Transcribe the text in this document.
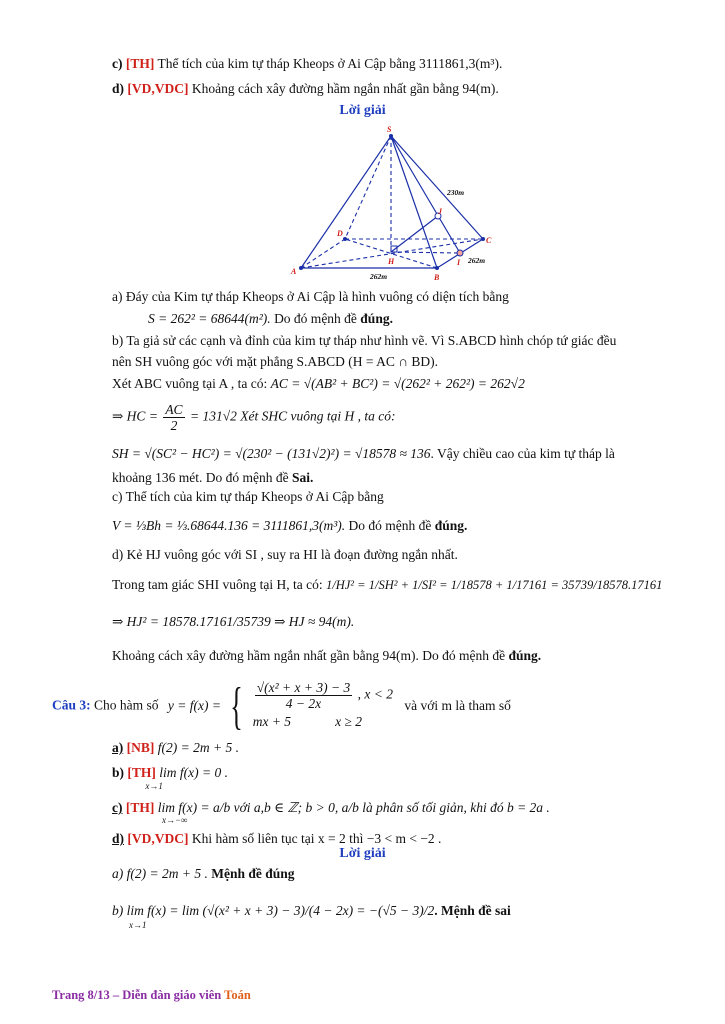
c) [TH] Thể tích của kim tự tháp Kheops ở Ai Cập bằng 3111861,3(m³).
d) [VD,VDC] Khoảng cách xây đường hầm ngắn nhất gần bằng 94(m).
Lời giải
S
A
B
C
D
H	I
J
230m
262m
262m
a) Đáy của Kim tự tháp Kheops ở Ai Cập là hình vuông có diện tích bằng
S = 262² = 68644(m²). Do đó mệnh đề đúng.
b) Ta giả sử các cạnh và đỉnh của kim tự tháp như hình vẽ. Vì S.ABCD hình chóp tứ giác đều
nên SH vuông góc với mặt phẳng S.ABCD (H = AC ∩ BD).
Xét ABC vuông tại A , ta có: AC = √(AB² + BC²) = √(262² + 262²) = 262√2
⇒ HC = $\frac{AC}{2} = 131√2$ Xét SHC vuông tại H , ta có:
SH = √(SC² − HC²) = √(230² − (131√2)²) = √18578 ≈ 136. Vậy chiều cao của kim tự tháp là
khoảng 136 mét. Do đó mệnh đề Sai.
c) Thể tích của kim tự tháp Kheops ở Ai Cập bằng
V = ⅓Bh = ⅓.68644.136 = 3111861,3(m³). Do đó mệnh đề đúng.
d) Kẻ HJ vuông góc với SI , suy ra HI là đoạn đường ngắn nhất.
Trong tam giác SHI vuông tại H, ta có: 1/HJ² = 1/SH² + 1/SI² = 1/18578 + 1/17161 = 35739/18578.17161
⇒ HJ² = 18578.17161/35739 ⇒ HJ ≈ 94(m).
Khoảng cách xây đường hầm ngắn nhất gần bằng 94(m). Do đó mệnh đề đúng.
Câu 3: Cho hàm số y = f(x) = { $\frac{\text{√(x² + x + 3) − 3}}{4 - 2x}$ , x < 2
mx + 5	x ≥ 2
và với m là tham số
a) [NB] f(2) = 2m + 5 .
b) [TH] lim f(x) = 0 . $_{x\to 1}$
c) [TH] lim f(x) = a/b với a,b ∈ ℤ; b > 0, a/b là phân số tối giản, khi đó b = 2a .
x→−∞
d) [VD,VDC] Khi hàm số liên tục tại x = 2 thì −3 < m < −2 .
Lời giải
a) f(2) = 2m + 5 . Mệnh đề đúng
b) lim f(x) = lim (√(x² + x + 3) − 3)/(4 − 2x) = −(√5 − 3)/2. Mệnh đề sai
x→1
Trang 8/13 – Diễn đàn giáo viên Toán
